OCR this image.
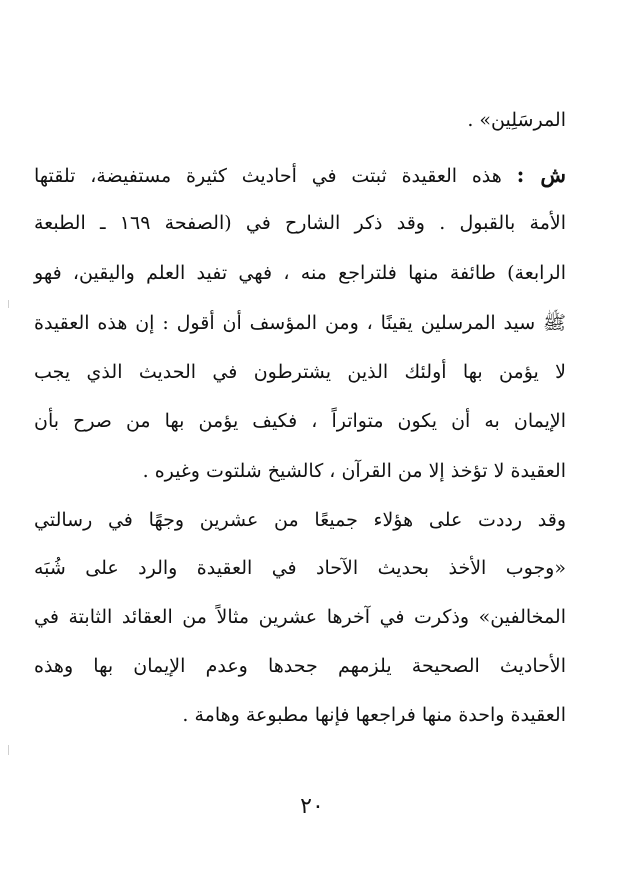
المرسَلِين» .
ش : هذه العقيدة ثبتت في أحاديث كثيرة مستفيضة، تلقتها
الأمة بالقبول . وقد ذكر الشارح في (الصفحة ١٦٩ ـ الطبعة
الرابعة) طائفة منها فلتراجع منه ، فهي تفيد العلم واليقين، فهو
ﷺ سيد المرسلين يقينًا ، ومن المؤسف أن أقول : إن هذه العقيدة
لا يؤمن بها أولئك الذين يشترطون في الحديث الذي يجب
الإيمان به أن يكون متواتراً ، فكيف يؤمن بها من صرح بأن
العقيدة لا تؤخذ إلا من القرآن ، كالشيخ شلتوت وغيره .
وقد رددت على هؤلاء جميعًا من عشرين وجهًا في رسالتي
«وجوب الأخذ بحديث الآحاد في العقيدة والرد على شُبَه
المخالفين» وذكرت في آخرها عشرين مثالاً من العقائد الثابتة في
الأحاديث الصحيحة يلزمهم جحدها وعدم الإيمان بها وهذه
العقيدة واحدة منها فراجعها فإنها مطبوعة وهامة .
٢٠
